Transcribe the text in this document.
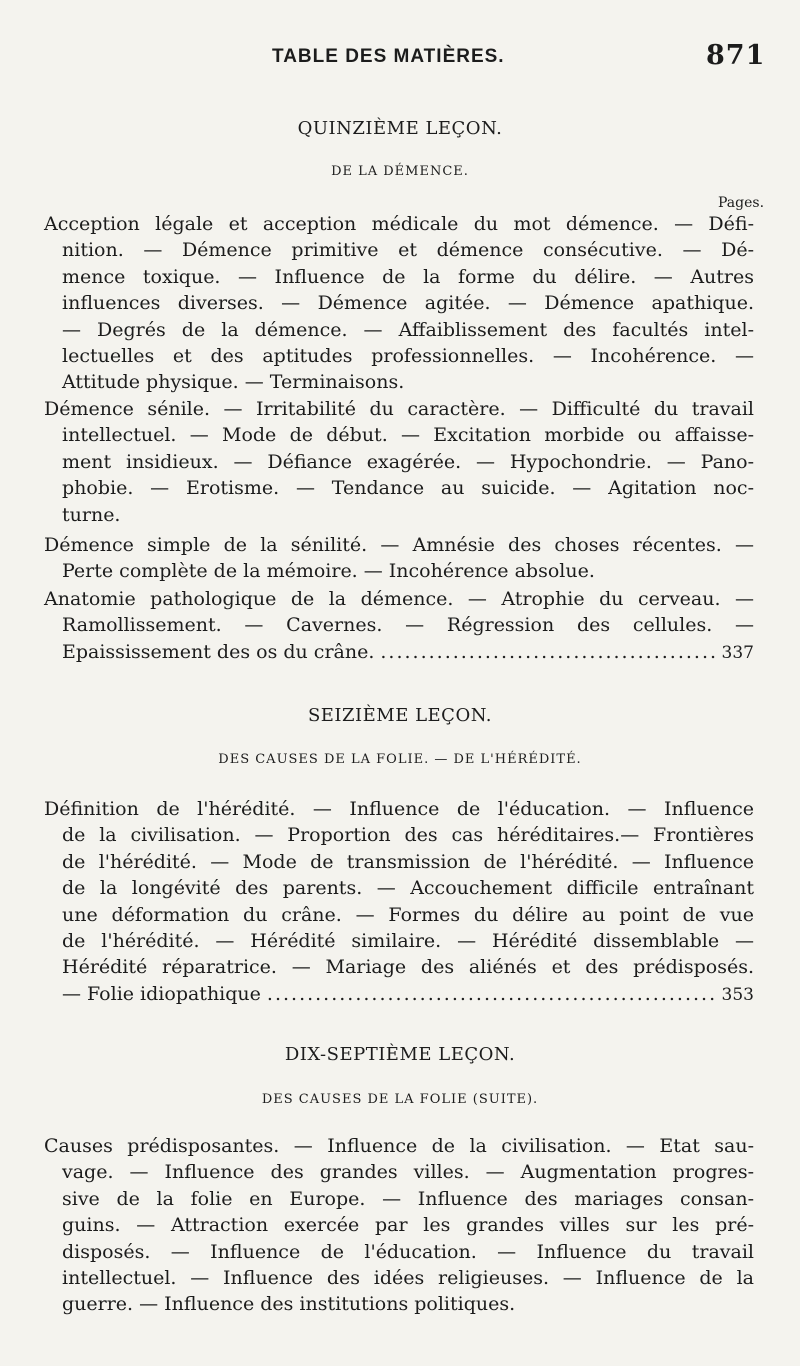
TABLE DES MATIÈRES.	871
QUINZIÈME LEÇON.
DE LA DÉMENCE.
Pages.
Acception légale et acception médicale du mot démence. — Défi-
nition. — Démence primitive et démence consécutive. — Dé-
mence toxique. — Influence de la forme du délire. — Autres
influences diverses. — Démence agitée. — Démence apathique.
— Degrés de la démence. — Affaiblissement des facultés intel-
lectuelles et des aptitudes professionnelles. — Incohérence. —
Attitude physique. — Terminaisons.
Démence sénile. — Irritabilité du caractère. — Difficulté du travail
intellectuel. — Mode de début. — Excitation morbide ou affaisse-
ment insidieux. — Défiance exagérée. — Hypochondrie. — Pano-
phobie. — Erotisme. — Tendance au suicide. — Agitation noc-
turne.
Démence simple de la sénilité. — Amnésie des choses récentes. —
Perte complète de la mémoire. — Incohérence absolue.
Anatomie pathologique de la démence. — Atrophie du cerveau. —
Ramollissement. — Cavernes. — Régression des cellules. —
Epaississement des os du crâne. .....	337
SEIZIÈME LEÇON.
DES CAUSES DE LA FOLIE. — DE L'HÉRÉDITÉ.
Définition de l'hérédité. — Influence de l'éducation. — Influence
de la civilisation. — Proportion des cas héréditaires.— Frontières
de l'hérédité. — Mode de transmission de l'hérédité. — Influence
de la longévité des parents. — Accouchement difficile entraînant
une déformation du crâne. — Formes du délire au point de vue
de l'hérédité. — Hérédité similaire. — Hérédité dissemblable —
Hérédité réparatrice. — Mariage des aliénés et des prédisposés.
— Folie idiopathique .....	353
DIX-SEPTIÈME LEÇON.
DES CAUSES DE LA FOLIE (SUITE).
Causes prédisposantes. — Influence de la civilisation. — Etat sau-
vage. — Influence des grandes villes. — Augmentation progres-
sive de la folie en Europe. — Influence des mariages consan-
guins. — Attraction exercée par les grandes villes sur les pré-
disposés. — Influence de l'éducation. — Influence du travail
intellectuel. — Influence des idées religieuses. — Influence de la
guerre. — Influence des institutions politiques.
